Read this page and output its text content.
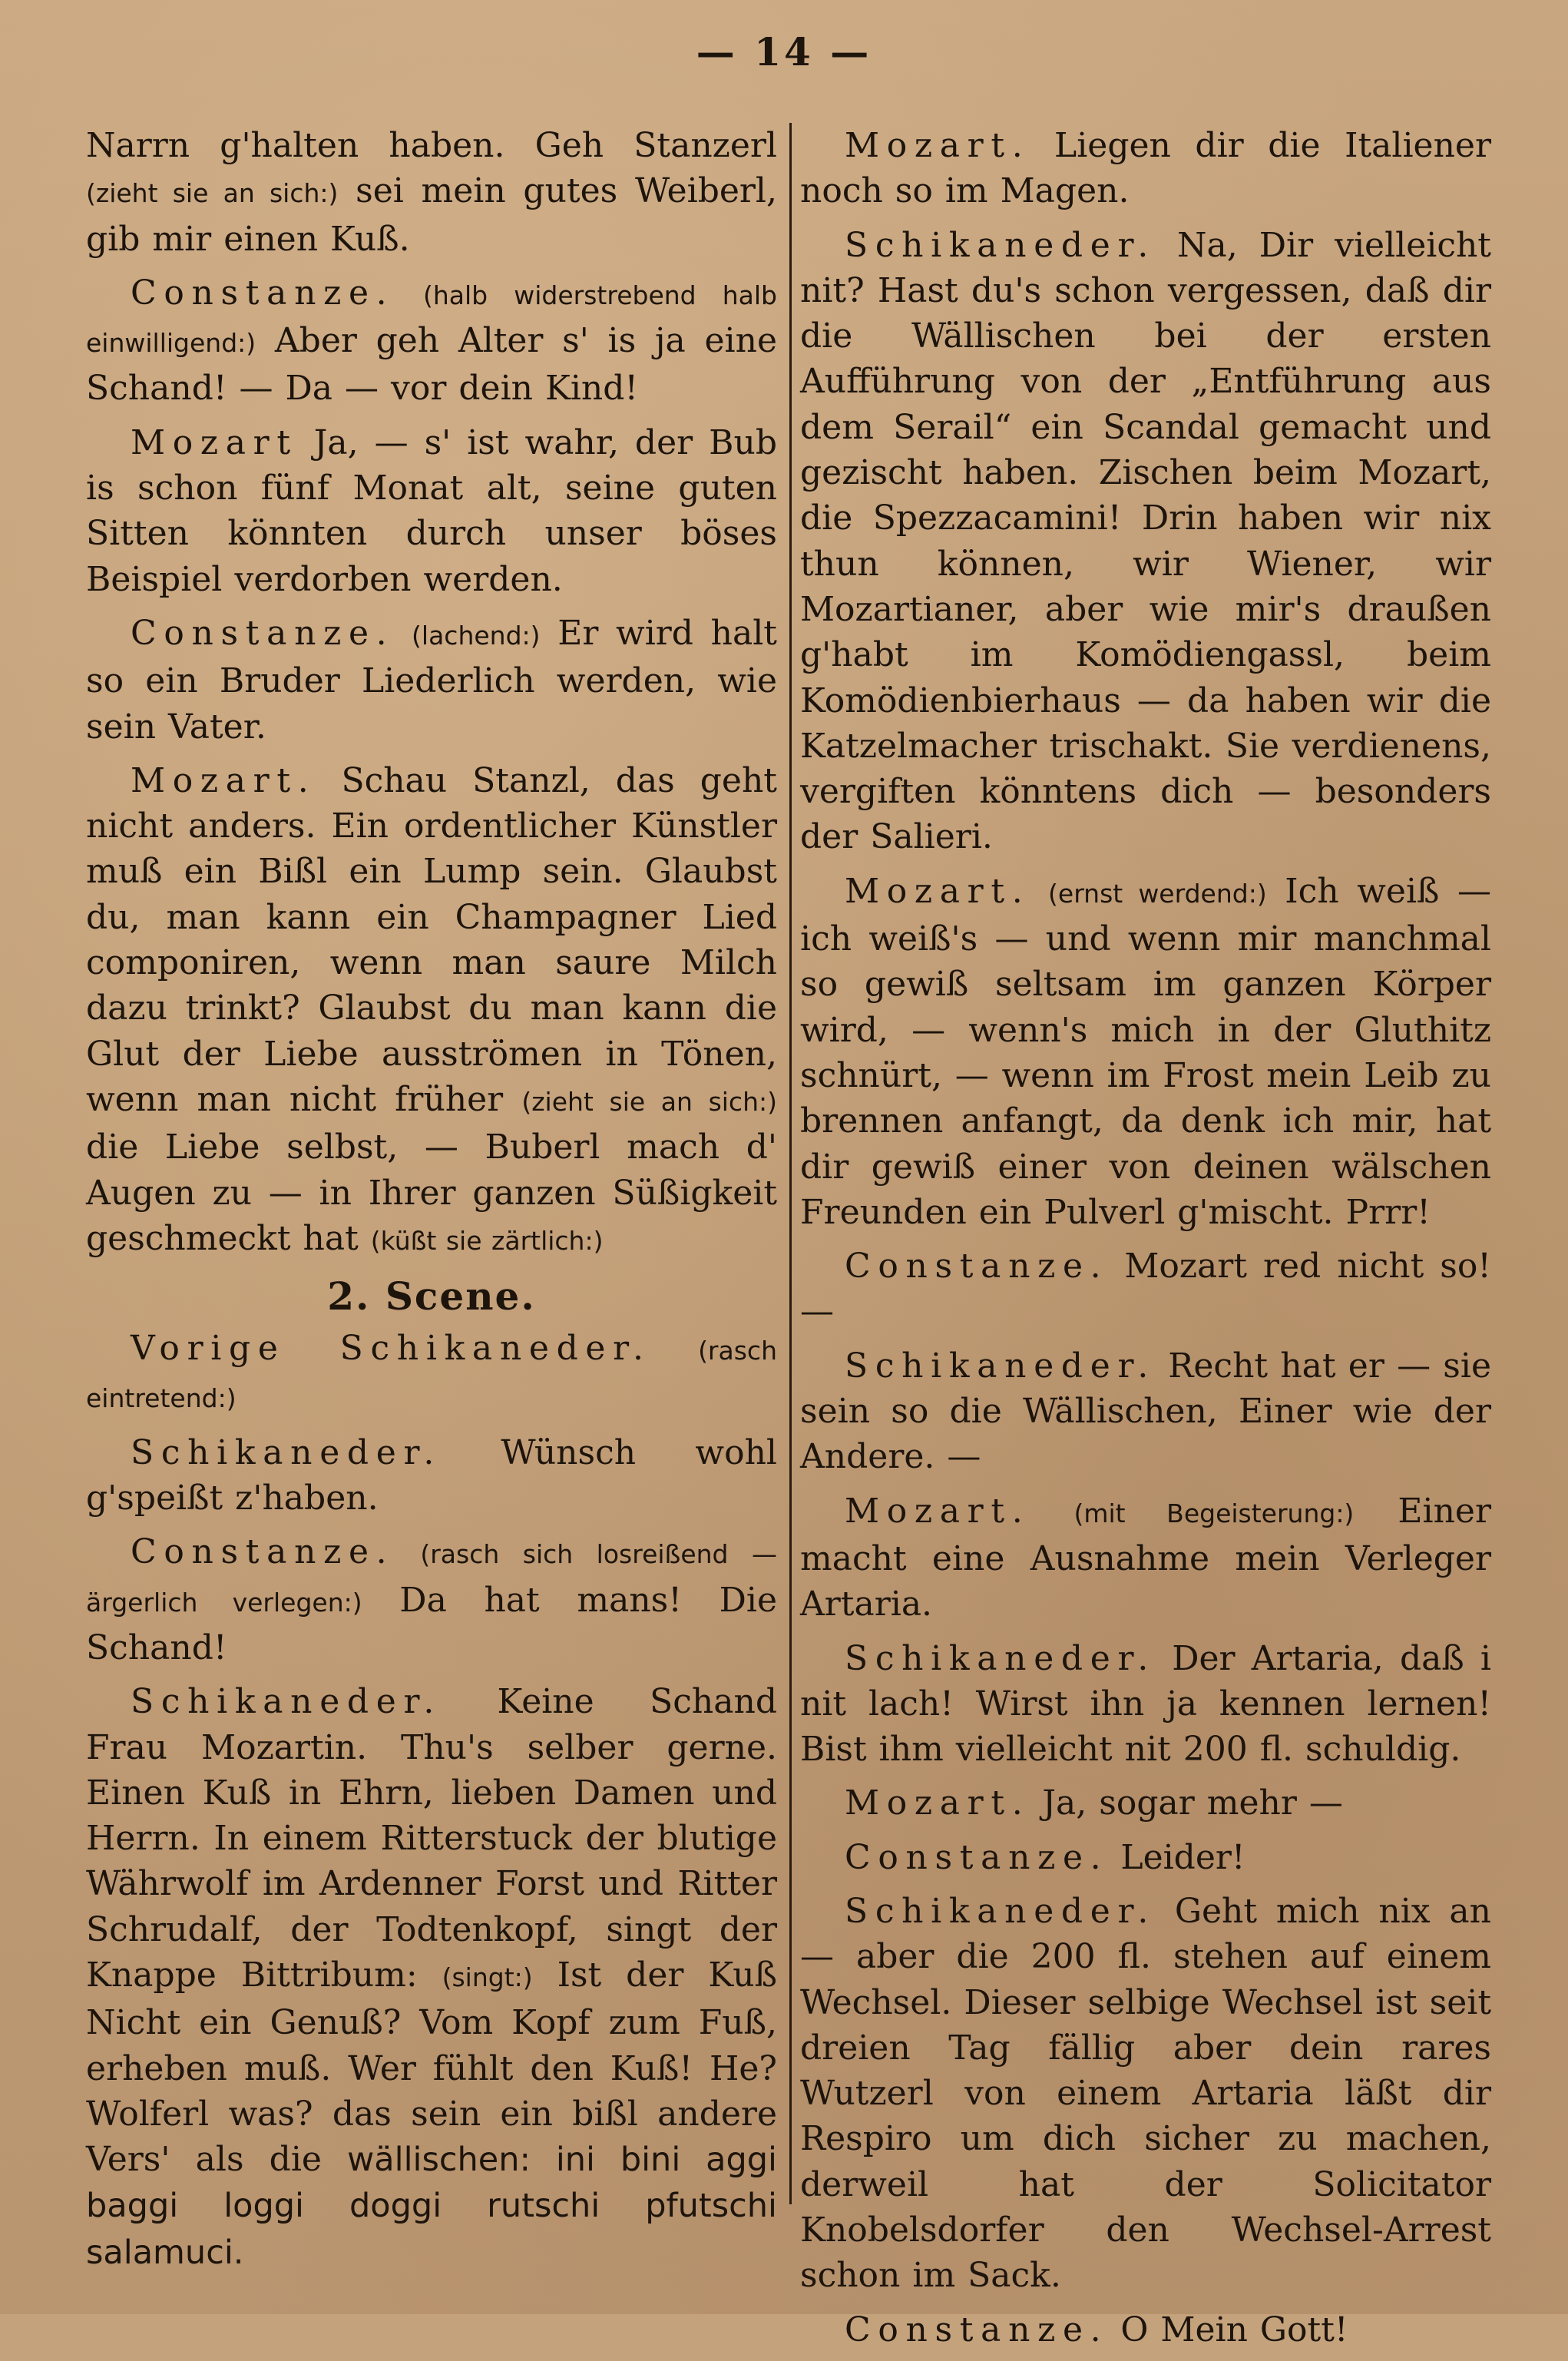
— 14 —

Narrn g'halten haben. Geh Stanzerl (zieht sie an sich:) sei mein gutes Weiberl, gib mir einen Kuß.

Constanze. (halb widerstrebend halb einwilligend:) Aber geh Alter s' is ja eine Schand! — Da — vor dein Kind!

Mozart Ja, — s' ist wahr, der Bub is schon fünf Monat alt, seine guten Sitten könnten durch unser böses Beispiel verdorben werden.

Constanze. (lachend:) Er wird halt so ein Bruder Liederlich werden, wie sein Vater.

Mozart. Schau Stanzl, das geht nicht anders. Ein ordentlicher Künstler muß ein Bißl ein Lump sein. Glaubst du, man kann ein Champagner Lied componiren, wenn man saure Milch dazu trinkt? Glaubst du man kann die Glut der Liebe ausströmen in Tönen, wenn man nicht früher (zieht sie an sich:) die Liebe selbst, — Buberl mach d' Augen zu — in Ihrer ganzen Süßigkeit geschmeckt hat (küßt sie zärtlich:)

2. Scene.

Vorige Schikaneder. (rasch eintretend:)

Schikaneder. Wünsch wohl g'speißt z'haben.

Constanze. (rasch sich losreißend — ärgerlich verlegen:) Da hat mans! Die Schand!

Schikaneder. Keine Schand Frau Mozartin. Thu's selber gerne. Einen Kuß in Ehrn, lieben Damen und Herrn. In einem Ritterstuck der blutige Währwolf im Ardenner Forst und Ritter Schrudalf, der Todtenkopf, singt der Knappe Bittribum: (singt:) Ist der Kuß Nicht ein Genuß? Vom Kopf zum Fuß, erheben muß. Wer fühlt den Kuß! He? Wolferl was? das sein ein bißl andere Vers' als die wällischen: ini bini aggi baggi loggi doggi rutschi pfutschi salamuci.

Mozart. Liegen dir die Italiener noch so im Magen.

Schikaneder. Na, Dir vielleicht nit? Hast du's schon vergessen, daß dir die Wällischen bei der ersten Aufführung von der „Entführung aus dem Serail“ ein Scandal gemacht und gezischt haben. Zischen beim Mozart, die Spezzacamini! Drin haben wir nix thun können, wir Wiener, wir Mozartianer, aber wie mir's draußen g'habt im Komödiengassl, beim Komödienbierhaus — da haben wir die Katzelmacher trischakt. Sie verdienens, vergiften könntens dich — besonders der Salieri.

Mozart. (ernst werdend:) Ich weiß — ich weiß's — und wenn mir manchmal so gewiß seltsam im ganzen Körper wird, — wenn's mich in der Gluthitz schnürt, — wenn im Frost mein Leib zu brennen anfangt, da denk ich mir, hat dir gewiß einer von deinen wälschen Freunden ein Pulverl g'mischt. Prrr!

Constanze. Mozart red nicht so! —

Schikaneder. Recht hat er — sie sein so die Wällischen, Einer wie der Andere. —

Mozart. (mit Begeisterung:) Einer macht eine Ausnahme mein Verleger Artaria.

Schikaneder. Der Artaria, daß i nit lach! Wirst ihn ja kennen lernen! Bist ihm vielleicht nit 200 fl. schuldig.

Mozart. Ja, sogar mehr —

Constanze. Leider!

Schikaneder. Geht mich nix an — aber die 200 fl. stehen auf einem Wechsel. Dieser selbige Wechsel ist seit dreien Tag fällig aber dein rares Wutzerl von einem Artaria läßt dir Respiro um dich sicher zu machen, derweil hat der Solicitator Knobelsdorfer den Wechsel-Arrest schon im Sack.

Constanze. O Mein Gott!
